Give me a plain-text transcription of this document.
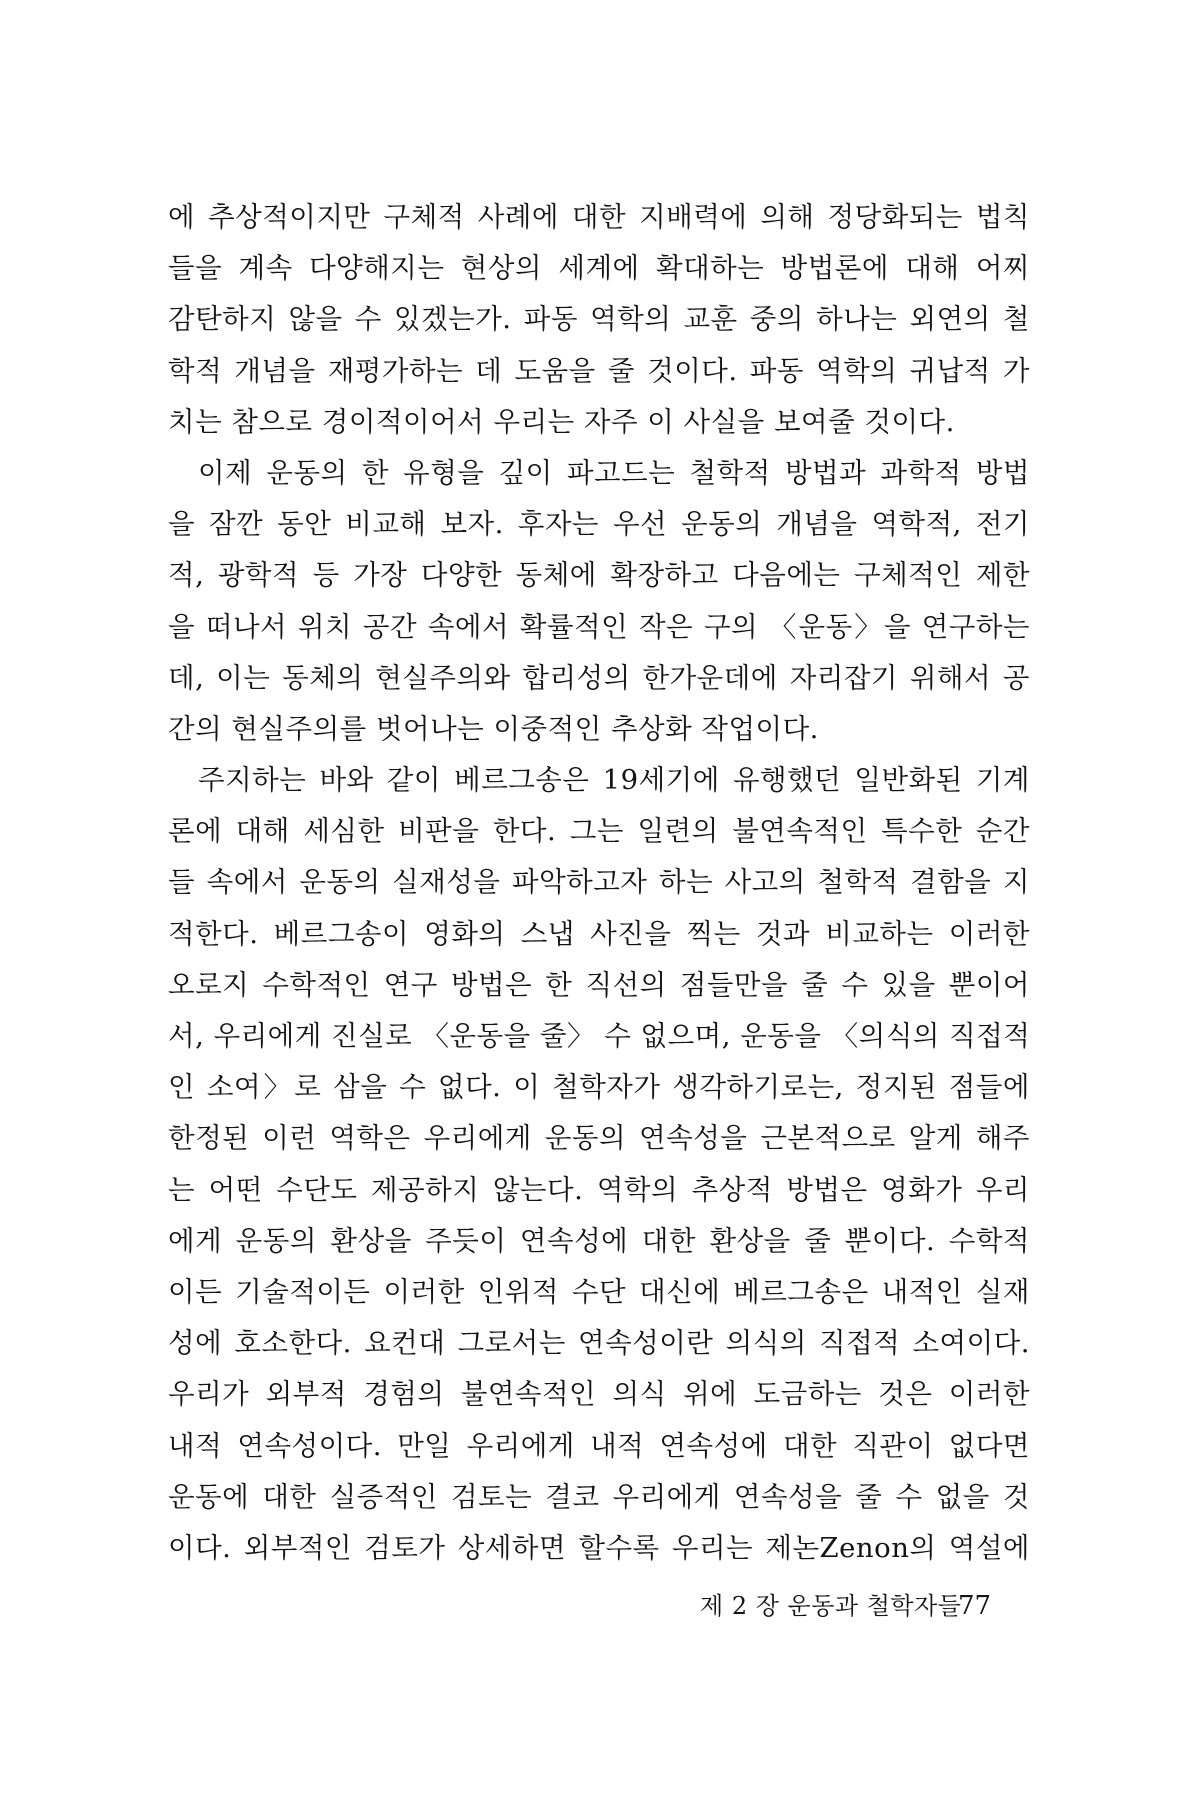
에 추상적이지만 구체적 사례에 대한 지배력에 의해 정당화되는 법칙
들을 계속 다양해지는 현상의 세계에 확대하는 방법론에 대해 어찌
감탄하지 않을 수 있겠는가. 파동 역학의 교훈 중의 하나는 외연의 철
학적 개념을 재평가하는 데 도움을 줄 것이다. 파동 역학의 귀납적 가
치는 참으로 경이적이어서 우리는 자주 이 사실을 보여줄 것이다.
이제 운동의 한 유형을 깊이 파고드는 철학적 방법과 과학적 방법
을 잠깐 동안 비교해 보자. 후자는 우선 운동의 개념을 역학적, 전기
적, 광학적 등 가장 다양한 동체에 확장하고 다음에는 구체적인 제한
을 떠나서 위치 공간 속에서 확률적인 작은 구의 〈운동〉을 연구하는
데, 이는 동체의 현실주의와 합리성의 한가운데에 자리잡기 위해서 공
간의 현실주의를 벗어나는 이중적인 추상화 작업이다.
주지하는 바와 같이 베르그송은 19세기에 유행했던 일반화된 기계
론에 대해 세심한 비판을 한다. 그는 일련의 불연속적인 특수한 순간
들 속에서 운동의 실재성을 파악하고자 하는 사고의 철학적 결함을 지
적한다. 베르그송이 영화의 스냅 사진을 찍는 것과 비교하는 이러한
오로지 수학적인 연구 방법은 한 직선의 점들만을 줄 수 있을 뿐이어
서, 우리에게 진실로 〈운동을 줄〉 수 없으며, 운동을 〈의식의 직접적
인 소여〉로 삼을 수 없다. 이 철학자가 생각하기로는, 정지된 점들에
한정된 이런 역학은 우리에게 운동의 연속성을 근본적으로 알게 해주
는 어떤 수단도 제공하지 않는다. 역학의 추상적 방법은 영화가 우리
에게 운동의 환상을 주듯이 연속성에 대한 환상을 줄 뿐이다. 수학적
이든 기술적이든 이러한 인위적 수단 대신에 베르그송은 내적인 실재
성에 호소한다. 요컨대 그로서는 연속성이란 의식의 직접적 소여이다.
우리가 외부적 경험의 불연속적인 의식 위에 도금하는 것은 이러한
내적 연속성이다. 만일 우리에게 내적 연속성에 대한 직관이 없다면
운동에 대한 실증적인 검토는 결코 우리에게 연속성을 줄 수 없을 것
이다. 외부적인 검토가 상세하면 할수록 우리는 제논Zenon의 역설에
제 2 장 운동과 철학자들
77
